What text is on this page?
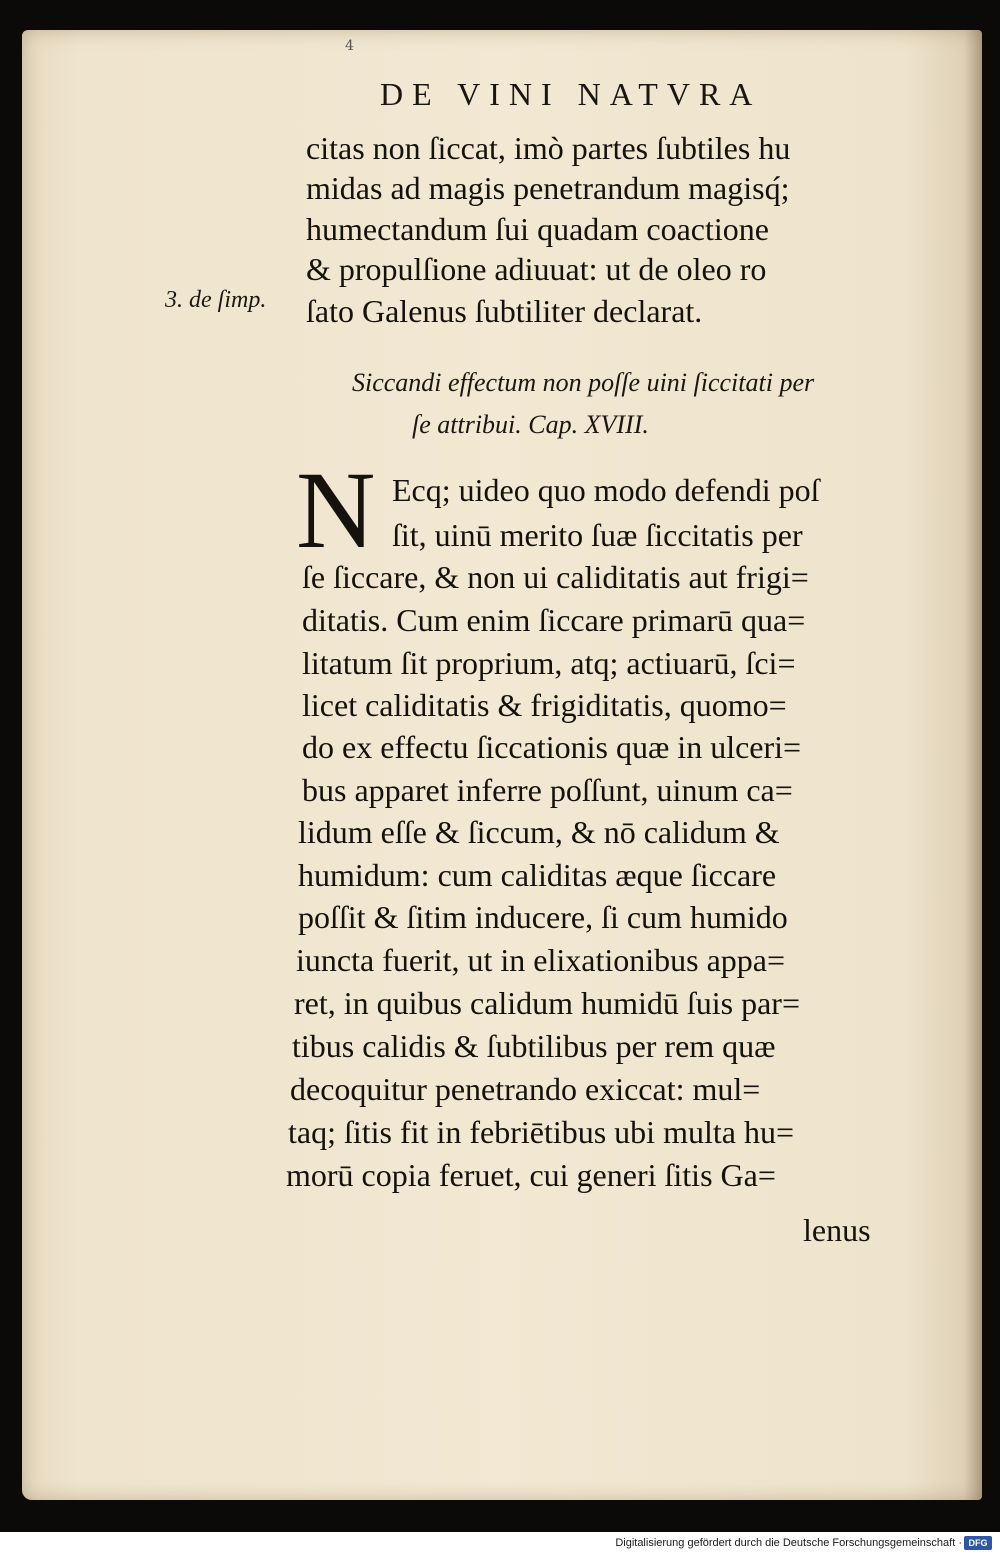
4
DE VINI NATVRA
3. de ſimp.
citas non ſiccat, imò partes ſubtiles hu
midas ad magis penetrandum magisq́;
humectandum ſui quadam coactione
& propulſione adiuuat: ut de oleo ro
ſato Galenus ſubtiliter declarat.
Siccandi effectum non poſſe uini ſiccitati per
ſe attribui. Cap. XVIII.
N Ecq; uideo quo modo defendi poſ
ſit, uinū merito ſuæ ſiccitatis per
ſe ſiccare, & non ui caliditatis aut frigi=
ditatis. Cum enim ſiccare primarū qua=
litatum ſit proprium, atq; actiuarū, ſci=
licet caliditatis & frigiditatis, quomo=
do ex effectu ſiccationis quæ in ulceri=
bus apparet inferre poſſunt, uinum ca=
lidum eſſe & ſiccum, & nō calidum &
humidum: cum caliditas æque ſiccare
poſſit & ſitim inducere, ſi cum humido
iuncta fuerit, ut in elixationibus appa=
ret, in quibus calidum humidū ſuis par=
tibus calidis & ſubtilibus per rem quæ
decoquitur penetrando exiccat: mul=
taq; ſitis fit in febriētibus ubi multa hu=
morū copia feruet, cui generi ſitis Ga=
lenus
Digitalisierung gefördert durch die Deutsche Forschungsgemeinschaft · DFG
